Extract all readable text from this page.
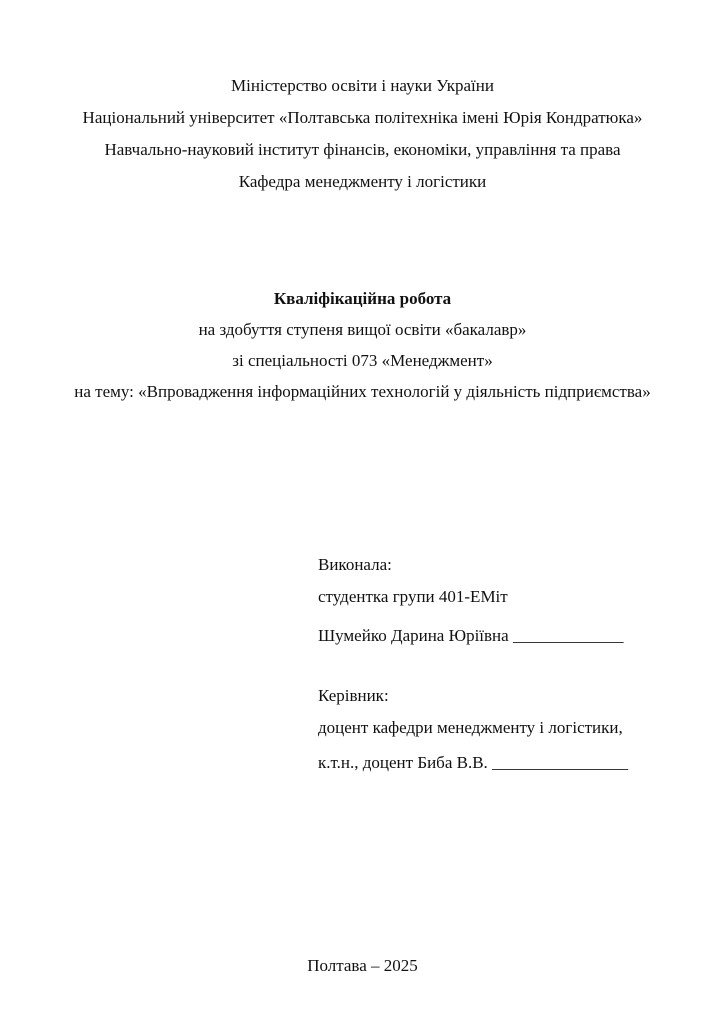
Міністерство освіти і науки України
Національний університет «Полтавська політехніка імені Юрія Кондратюка»
Навчально-науковий інститут фінансів, економіки, управління та права
Кафедра менеджменту і логістики
Кваліфікаційна робота
на здобуття ступеня вищої освіти «бакалавр»
зі спеціальності 073 «Менеджмент»
на тему: «Впровадження інформаційних технологій у діяльність підприємства»
Виконала:
студентка групи 401-ЕМіт
Шумейко Дарина Юріївна _____________
Керівник:
доцент кафедри менеджменту і логістики,
к.т.н., доцент Биба В.В. ________________
Полтава – 2025
